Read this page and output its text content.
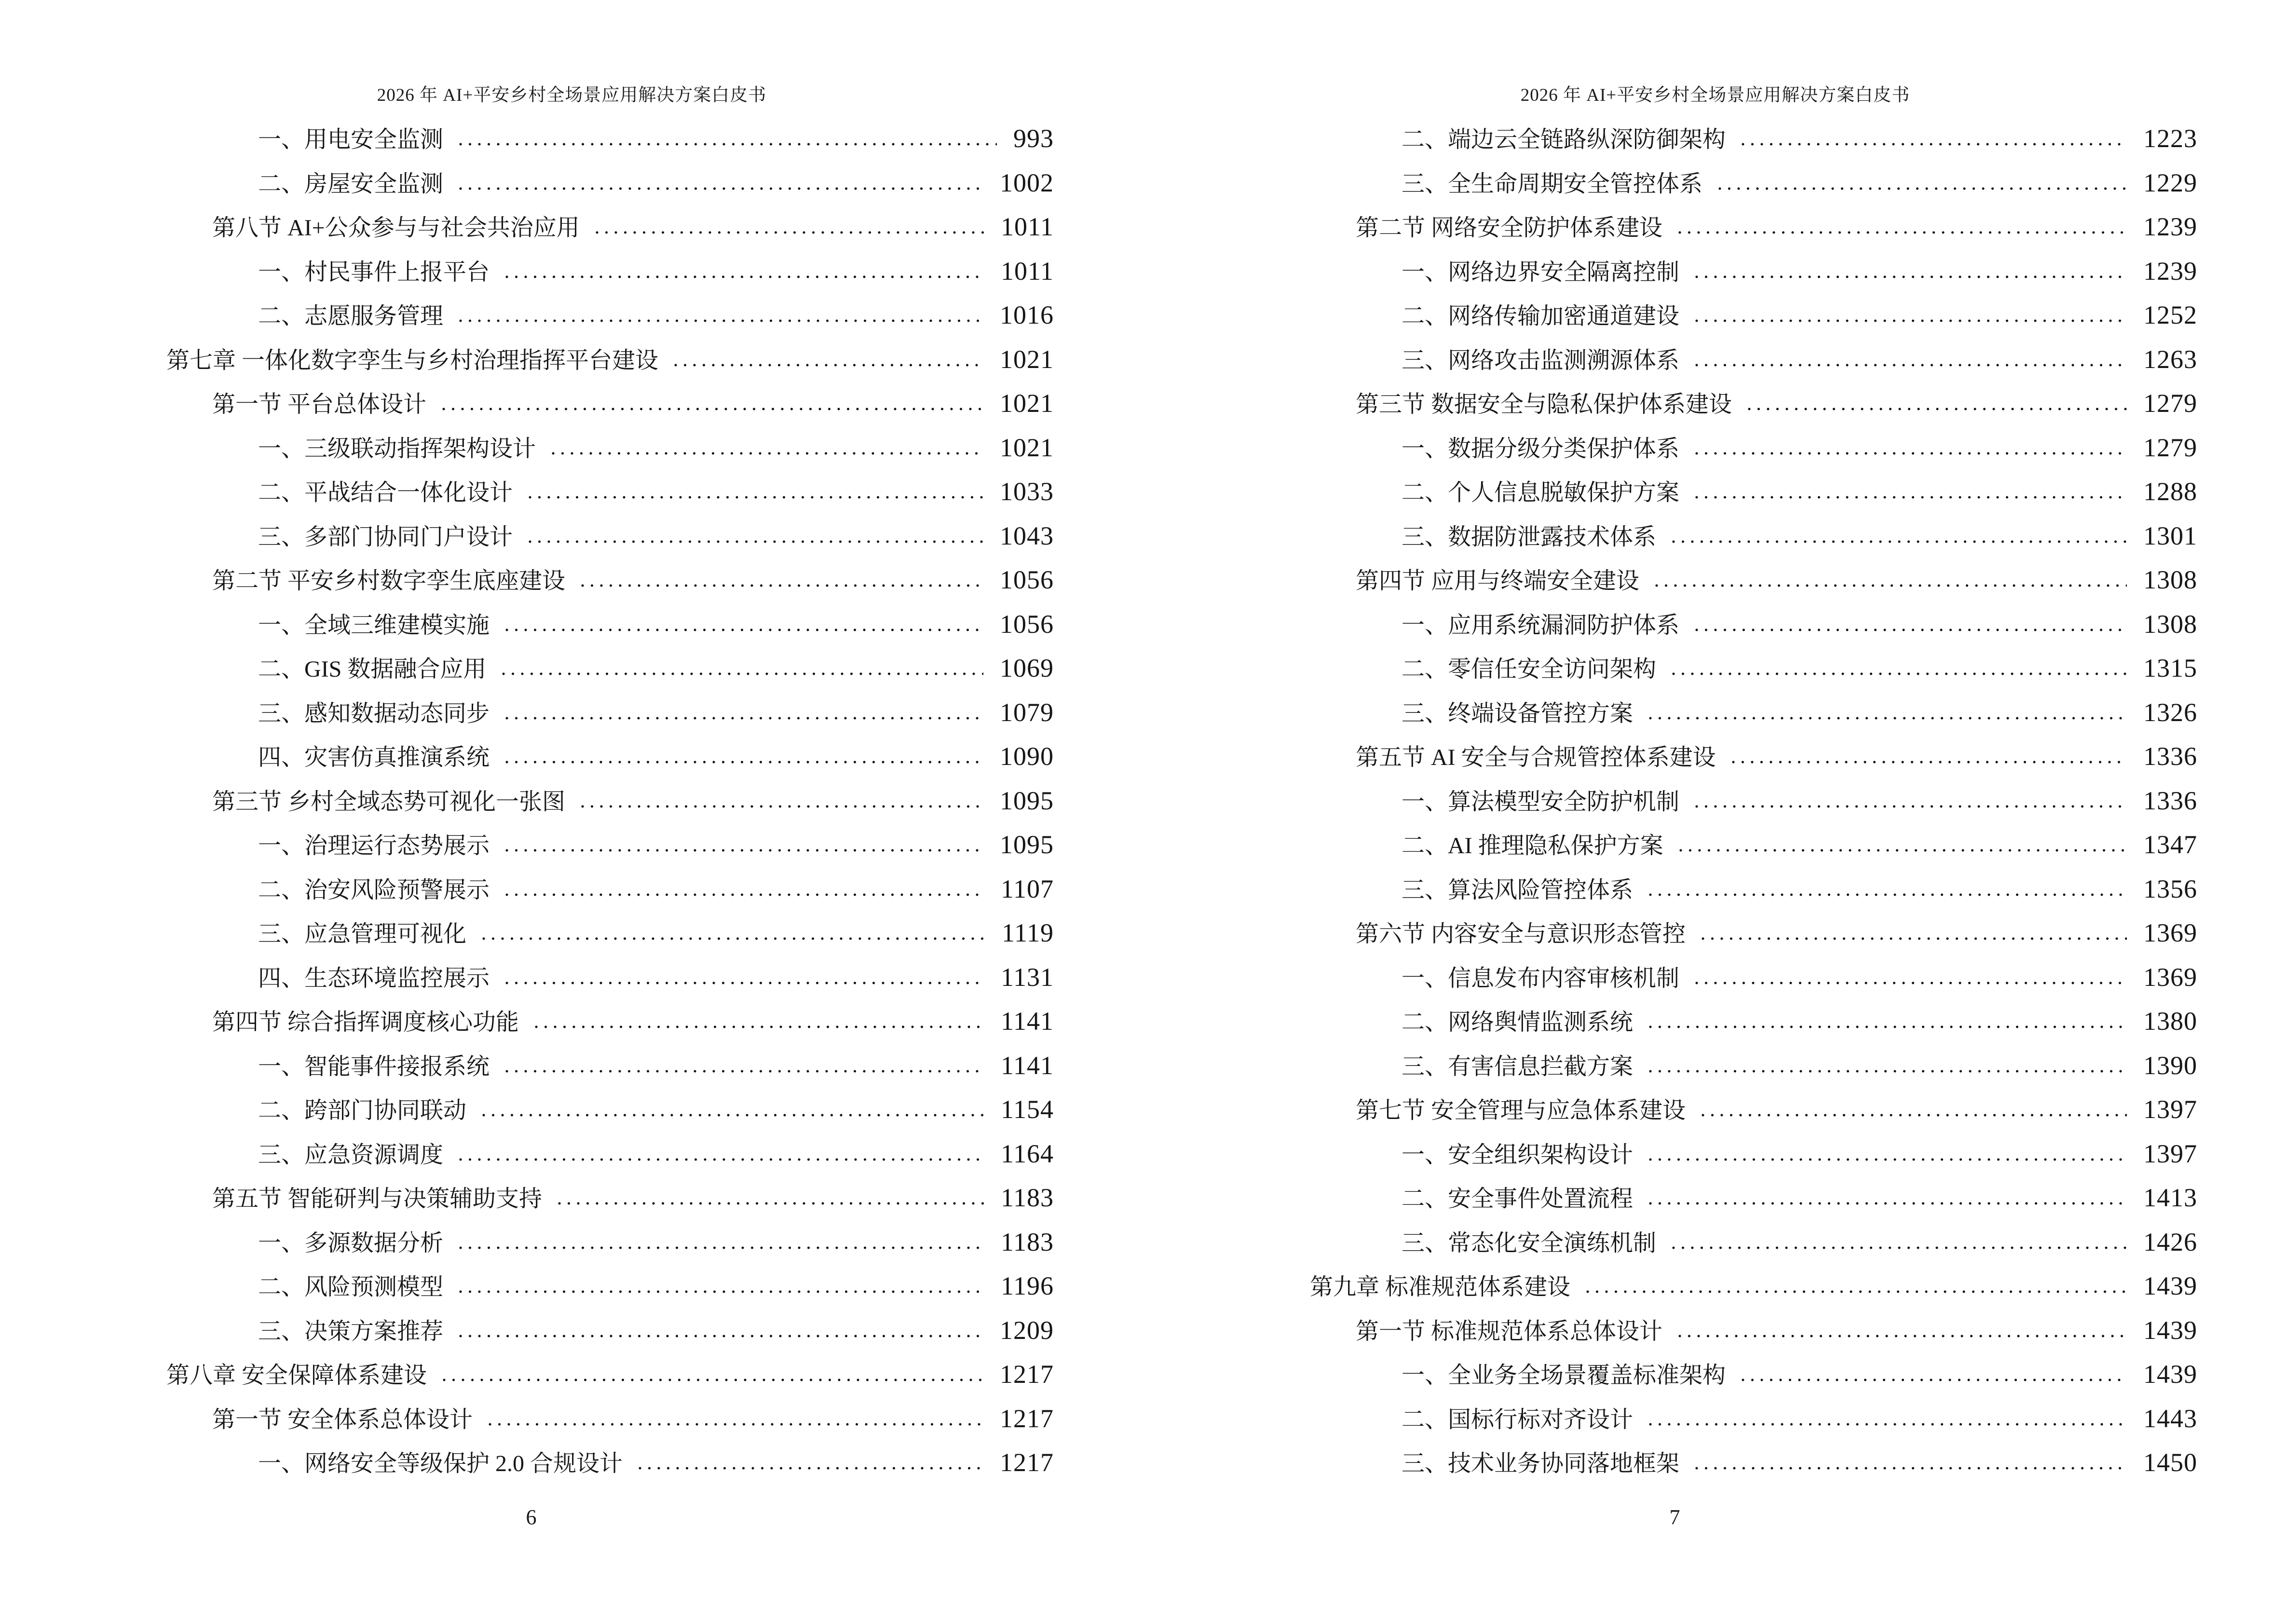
2026 年 AI+平安乡村全场景应用解决方案白皮书
一、用电安全监测	993
二、房屋安全监测	1002
第八节 AI+公众参与与社会共治应用	1011
一、村民事件上报平台	1011
二、志愿服务管理	1016
第七章 一体化数字孪生与乡村治理指挥平台建设	1021
第一节 平台总体设计	1021
一、三级联动指挥架构设计	1021
二、平战结合一体化设计	1033
三、多部门协同门户设计	1043
第二节 平安乡村数字孪生底座建设	1056
一、全域三维建模实施	1056
二、GIS 数据融合应用	1069
三、感知数据动态同步	1079
四、灾害仿真推演系统	1090
第三节 乡村全域态势可视化一张图	1095
一、治理运行态势展示	1095
二、治安风险预警展示	1107
三、应急管理可视化	1119
四、生态环境监控展示	1131
第四节 综合指挥调度核心功能	1141
一、智能事件接报系统	1141
二、跨部门协同联动	1154
三、应急资源调度	1164
第五节 智能研判与决策辅助支持	1183
一、多源数据分析	1183
二、风险预测模型	1196
三、决策方案推荐	1209
第八章 安全保障体系建设	1217
第一节 安全体系总体设计	1217
一、网络安全等级保护 2.0 合规设计	1217
6
2026 年 AI+平安乡村全场景应用解决方案白皮书
二、端边云全链路纵深防御架构	1223
三、全生命周期安全管控体系	1229
第二节 网络安全防护体系建设	1239
一、网络边界安全隔离控制	1239
二、网络传输加密通道建设	1252
三、网络攻击监测溯源体系	1263
第三节 数据安全与隐私保护体系建设	1279
一、数据分级分类保护体系	1279
二、个人信息脱敏保护方案	1288
三、数据防泄露技术体系	1301
第四节 应用与终端安全建设	1308
一、应用系统漏洞防护体系	1308
二、零信任安全访问架构	1315
三、终端设备管控方案	1326
第五节 AI 安全与合规管控体系建设	1336
一、算法模型安全防护机制	1336
二、AI 推理隐私保护方案	1347
三、算法风险管控体系	1356
第六节 内容安全与意识形态管控	1369
一、信息发布内容审核机制	1369
二、网络舆情监测系统	1380
三、有害信息拦截方案	1390
第七节 安全管理与应急体系建设	1397
一、安全组织架构设计	1397
二、安全事件处置流程	1413
三、常态化安全演练机制	1426
第九章 标准规范体系建设	1439
第一节 标准规范体系总体设计	1439
一、全业务全场景覆盖标准架构	1439
二、国标行标对齐设计	1443
三、技术业务协同落地框架	1450
7
